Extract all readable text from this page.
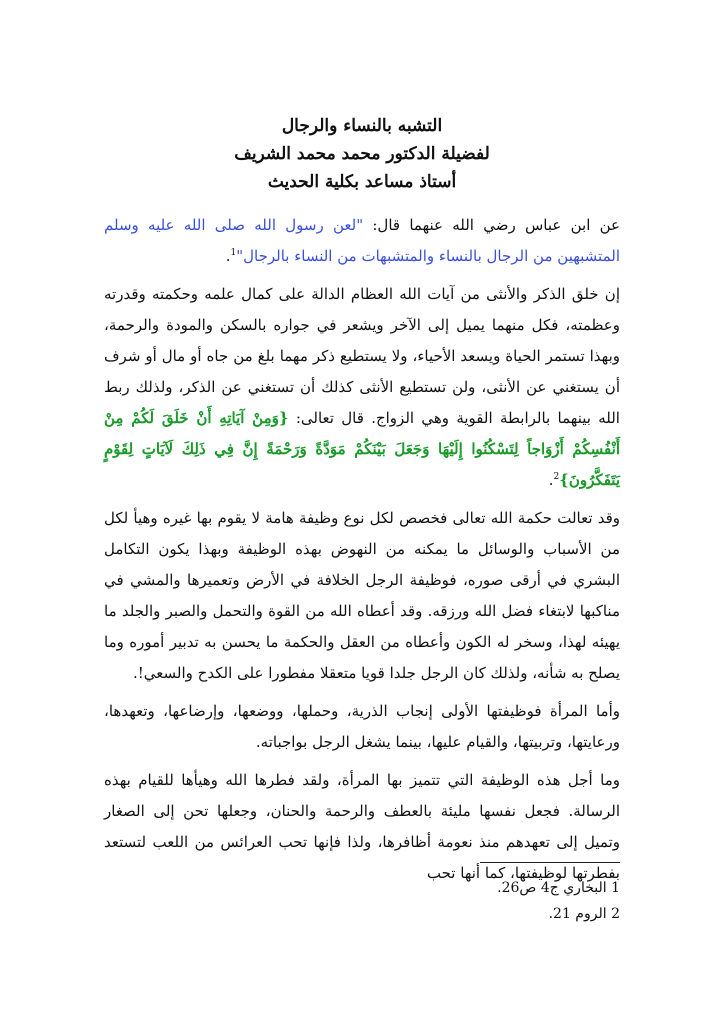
التشبه بالنساء والرجال
لفضيلة الدكتور محمد محمد الشريف
أستاذ مساعد بكلية الحديث

عن ابن عباس رضي الله عنهما قال: "لعن رسول الله صلى الله عليه وسلم المتشبهين من الرجال بالنساء والمتشبهات من النساء بالرجال"$^1$.

إن خلق الذكر والأنثى من آيات الله العظام الدالة على كمال علمه وحكمته وقدرته وعظمته، فكل منهما يميل إلى الآخر ويشعر في جواره بالسكن والمودة والرحمة، وبهذا تستمر الحياة ويسعد الأحياء، ولا يستطيع ذكر مهما بلغ من جاه أو مال أو شرف أن يستغني عن الأنثى، ولن تستطيع الأنثى كذلك أن تستغني عن الذكر، ولذلك ربط الله بينهما بالرابطة القوية وهي الزواج. قال تعالى: {وَمِنْ آيَاتِهِ أَنْ خَلَقَ لَكُمْ مِنْ أَنْفُسِكُمْ أَزْوَاجاً لِتَسْكُنُوا إِلَيْهَا وَجَعَلَ بَيْنَكُمْ مَوَدَّةً وَرَحْمَةً إِنَّ فِي ذَلِكَ لَآيَاتٍ لِقَوْمٍ يَتَفَكَّرُونَ}$^2$.

وقد تعالت حكمة الله تعالى فخصص لكل نوع وظيفة هامة لا يقوم بها غيره وهيأ لكل من الأسباب والوسائل ما يمكنه من النهوض بهذه الوظيفة وبهذا يكون التكامل البشري في أرقى صوره، فوظيفة الرجل الخلافة في الأرض وتعميرها والمشي في مناكبها لابتغاء فضل الله ورزقه. وقد أعطاه الله من القوة والتحمل والصبر والجلد ما يهيئه لهذا، وسخر له الكون وأعطاه من العقل والحكمة ما يحسن به تدبير أموره وما يصلح به شأنه، ولذلك كان الرجل جلدا قويا متعقلا مفطورا على الكدح والسعي!.

وأما المرأة فوظيفتها الأولى إنجاب الذرية، وحملها، ووضعها، وإرضاعها، وتعهدها، ورعايتها، وتربيتها، والقيام عليها، بينما يشغل الرجل بواجباته.

وما أجل هذه الوظيفة التي تتميز بها المرأة، ولقد فطرها الله وهيأها للقيام بهذه الرسالة. فجعل نفسها مليئة بالعطف والرحمة والحنان، وجعلها تحن إلى الصغار وتميل إلى تعهدهم منذ نعومة أظافرها، ولذا فإنها تحب العرائس من اللعب لتستعد بفطرتها لوظيفتها، كما أنها تحب

1 البخاري ج4 ص26.
2 الروم 21.
